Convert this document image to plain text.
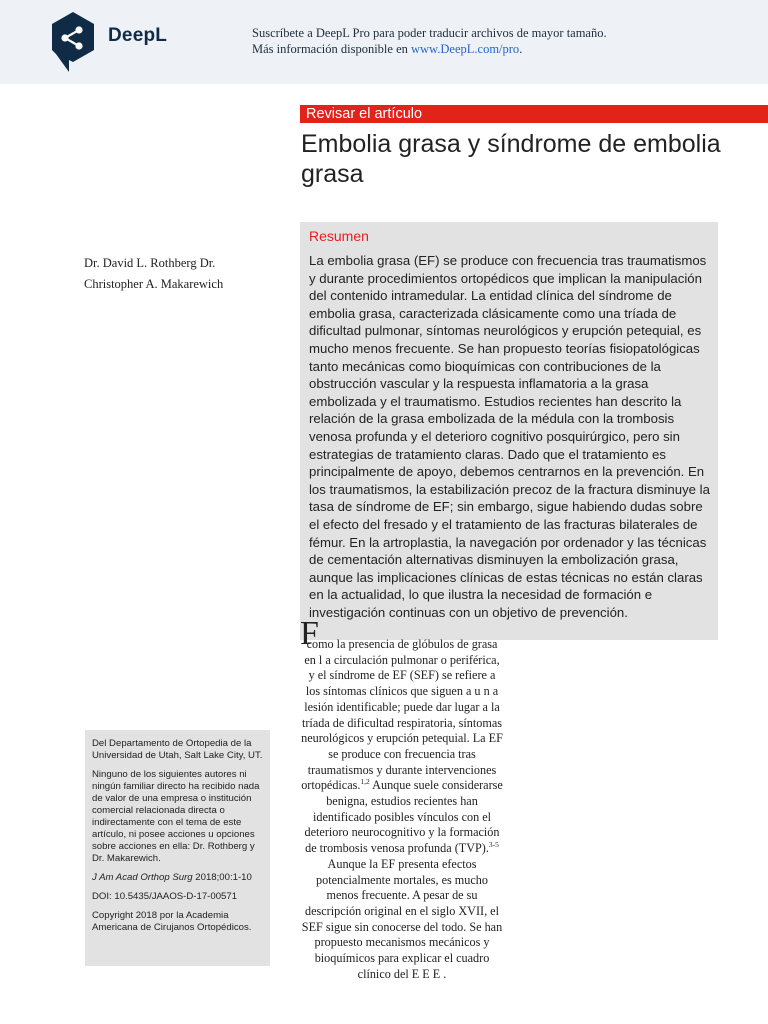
DeepL	Suscríbete a DeepL Pro para poder traducir archivos de mayor tamaño.
Más información disponible en www.DeepL.com/pro.
Revisar el artículo
Embolia grasa y síndrome de embolia grasa
Dr. David L. Rothberg Dr.
Christopher A. Makarewich
Resumen
La embolia grasa (EF) se produce con frecuencia tras traumatismos y durante procedimientos ortopédicos que implican la manipulación del contenido intramedular. La entidad clínica del síndrome de embolia grasa, caracterizada clásicamente como una tríada de dificultad pulmonar, síntomas neurológicos y erupción petequial, es mucho menos frecuente. Se han propuesto teorías fisiopatológicas tanto mecánicas como bioquímicas con contribuciones de la obstrucción vascular y la respuesta inflamatoria a la grasa embolizada y el traumatismo. Estudios recientes han descrito la relación de la grasa embolizada de la médula con la trombosis venosa profunda y el deterioro cognitivo posquirúrgico, pero sin estrategias de tratamiento claras. Dado que el tratamiento es principalmente de apoyo, debemos centrarnos en la prevención. En los traumatismos, la estabilización precoz de la fractura disminuye la tasa de síndrome de EF; sin embargo, sigue habiendo dudas sobre el efecto del fresado y el tratamiento de las fracturas bilaterales de fémur. En la artroplastia, la navegación por ordenador y las técnicas de cementación alternativas disminuyen la embolización grasa, aunque las implicaciones clínicas de estas técnicas no están claras en la actualidad, lo que ilustra la necesidad de formación e investigación continuas con un objetivo de prevención.
F
como la presencia de glóbulos de grasa en l a circulación pulmonar o periférica, y el síndrome de EF (SEF) se refiere a los síntomas clínicos que siguen a u n a lesión identificable; puede dar lugar a la tríada de dificultad respiratoria, síntomas neurológicos y erupción petequial. La EF se produce con frecuencia tras traumatismos y durante intervenciones ortopédicas.$^{1,2}$ Aunque suele considerarse benigna, estudios recientes han identificado posibles vínculos con el deterioro neurocognitivo y la formación de trombosis venosa profunda (TVP).$^{3-5}$ Aunque la EF presenta efectos potencialmente mortales, es mucho menos frecuente. A pesar de su descripción original en el siglo XVII, el SEF sigue sin conocerse del todo. Se han propuesto mecanismos mecánicos y bioquímicos para explicar el cuadro clínico del E E E .

Del Departamento de Ortopedia de la Universidad de Utah, Salt Lake City, UT.

Ninguno de los siguientes autores ni ningún familiar directo ha recibido nada de valor de una empresa o institución comercial relacionada directa o indirectamente con el tema de este artículo, ni posee acciones u opciones sobre acciones en ella: Dr. Rothberg y Dr. Makarewich.

J Am Acad Orthop Surg 2018;00:1-10

DOI: 10.5435/JAAOS-D-17-00571

Copyright 2018 por la Academia Americana de Cirujanos Ortopédicos.
